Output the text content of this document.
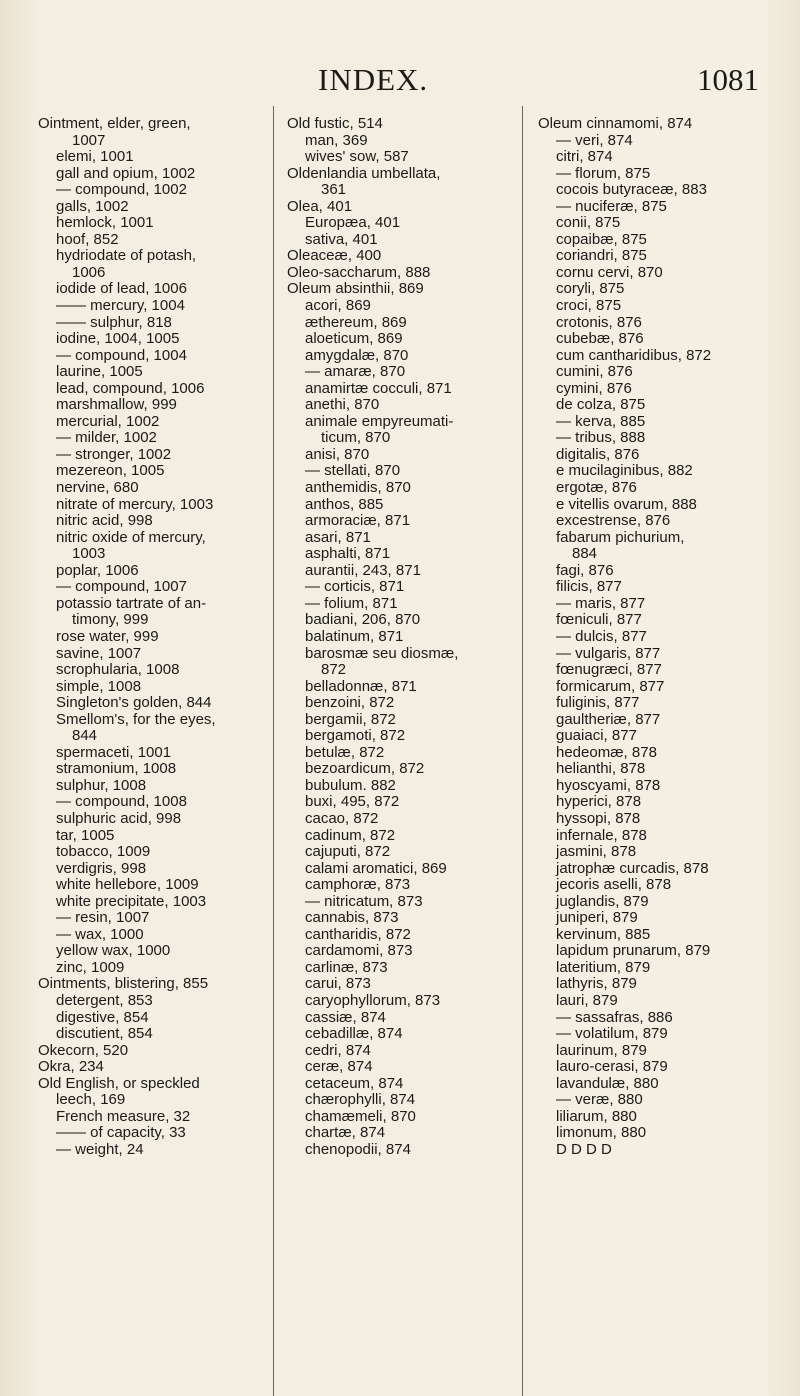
INDEX.	1081
Ointment, elder, green,
1007
elemi, 1001
gall and opium, 1002
— compound, 1002
galls, 1002
hemlock, 1001
hoof, 852
hydriodate of potash,
1006
iodide of lead, 1006
—— mercury, 1004
—— sulphur, 818
iodine, 1004, 1005
— compound, 1004
laurine, 1005
lead, compound, 1006
marshmallow, 999
mercurial, 1002
— milder, 1002
— stronger, 1002
mezereon, 1005
nervine, 680
nitrate of mercury, 1003
nitric acid, 998
nitric oxide of mercury,
1003
poplar, 1006
— compound, 1007
potassio tartrate of an-
timony, 999
rose water, 999
savine, 1007
scrophularia, 1008
simple, 1008
Singleton's golden, 844
Smellom's, for the eyes,
844
spermaceti, 1001
stramonium, 1008
sulphur, 1008
— compound, 1008
sulphuric acid, 998
tar, 1005
tobacco, 1009
verdigris, 998
white hellebore, 1009
white precipitate, 1003
— resin, 1007
— wax, 1000
yellow wax, 1000
zinc, 1009
Ointments, blistering, 855
detergent, 853
digestive, 854
discutient, 854
Okecorn, 520
Okra, 234
Old English, or speckled
leech, 169
French measure, 32
—— of capacity, 33
— weight, 24
Old fustic, 514
man, 369
wives' sow, 587
Oldenlandia umbellata,
361
Olea, 401
Europæa, 401
sativa, 401
Oleaceæ, 400
Oleo-saccharum, 888
Oleum absinthii, 869
acori, 869
æthereum, 869
aloeticum, 869
amygdalæ, 870
— amaræ, 870
anamirtæ cocculi, 871
anethi, 870
animale empyreumati-
ticum, 870
anisi, 870
— stellati, 870
anthemidis, 870
anthos, 885
armoraciæ, 871
asari, 871
asphalti, 871
aurantii, 243, 871
— corticis, 871
— folium, 871
badiani, 206, 870
balatinum, 871
barosmæ seu diosmæ,
872
belladonnæ, 871
benzoini, 872
bergamii, 872
bergamoti, 872
betulæ, 872
bezoardicum, 872
bubulum. 882
buxi, 495, 872
cacao, 872
cadinum, 872
cajuputi, 872
calami aromatici, 869
camphoræ, 873
— nitricatum, 873
cannabis, 873
cantharidis, 872
cardamomi, 873
carlinæ, 873
carui, 873
caryophyllorum, 873
cassiæ, 874
cebadillæ, 874
cedri, 874
ceræ, 874
cetaceum, 874
chærophylli, 874
chamæmeli, 870
chartæ, 874
chenopodii, 874
Oleum cinnamomi, 874
— veri, 874
citri, 874
— florum, 875
cocois butyraceæ, 883
— nuciferæ, 875
conii, 875
copaibæ, 875
coriandri, 875
cornu cervi, 870
coryli, 875
croci, 875
crotonis, 876
cubebæ, 876
cum cantharidibus, 872
cumini, 876
cymini, 876
de colza, 875
— kerva, 885
— tribus, 888
digitalis, 876
e mucilaginibus, 882
ergotæ, 876
e vitellis ovarum, 888
excestrense, 876
fabarum pichurium,
884
fagi, 876
filicis, 877
— maris, 877
fœniculi, 877
— dulcis, 877
— vulgaris, 877
fœnugræci, 877
formicarum, 877
fuliginis, 877
gaultheriæ, 877
guaiaci, 877
hedeomæ, 878
helianthi, 878
hyoscyami, 878
hyperici, 878
hyssopi, 878
infernale, 878
jasmini, 878
jatrophæ curcadis, 878
jecoris aselli, 878
juglandis, 879
juniperi, 879
kervinum, 885
lapidum prunarum, 879
lateritium, 879
lathyris, 879
lauri, 879
— sassafras, 886
— volatilum, 879
laurinum, 879
lauro-cerasi, 879
lavandulæ, 880
— veræ, 880
liliarum, 880
limonum, 880
D D D D
